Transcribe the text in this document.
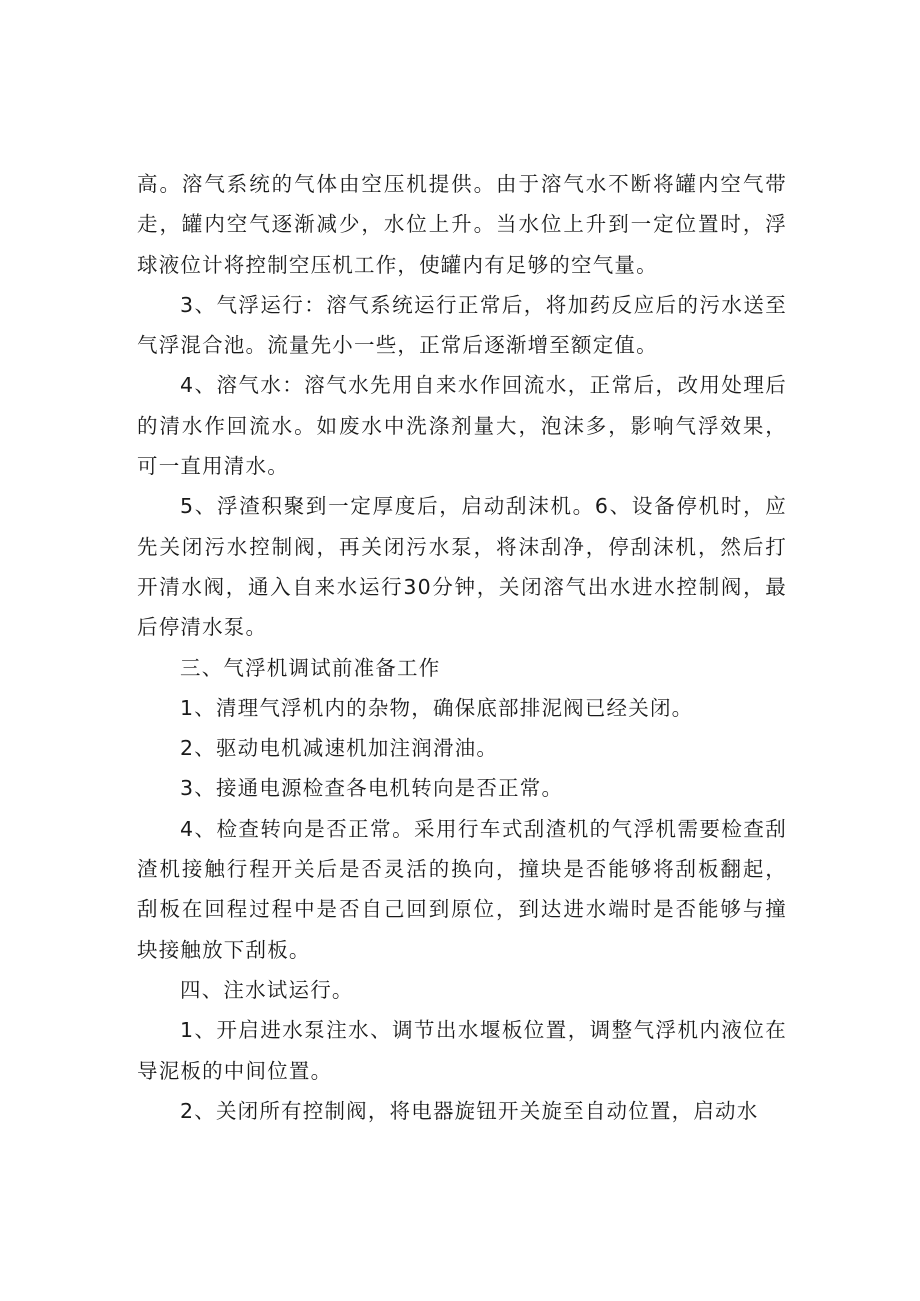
高。溶气系统的气体由空压机提供。由于溶气水不断将罐内空气带走，罐内空气逐渐减少，水位上升。当水位上升到一定位置时，浮球液位计将控制空压机工作，使罐内有足够的空气量。

3、气浮运行：溶气系统运行正常后，将加药反应后的污水送至气浮混合池。流量先小一些，正常后逐渐增至额定值。

4、溶气水：溶气水先用自来水作回流水，正常后，改用处理后的清水作回流水。如废水中洗涤剂量大，泡沫多，影响气浮效果，可一直用清水。

5、浮渣积聚到一定厚度后，启动刮沫机。6、设备停机时，应先关闭污水控制阀，再关闭污水泵，将沫刮净，停刮沫机，然后打开清水阀，通入自来水运行30分钟，关闭溶气出水进水控制阀，最后停清水泵。

三、气浮机调试前准备工作

1、清理气浮机内的杂物，确保底部排泥阀已经关闭。

2、驱动电机减速机加注润滑油。

3、接通电源检查各电机转向是否正常。

4、检查转向是否正常。采用行车式刮渣机的气浮机需要检查刮渣机接触行程开关后是否灵活的换向，撞块是否能够将刮板翻起，刮板在回程过程中是否自己回到原位，到达进水端时是否能够与撞块接触放下刮板。

四、注水试运行。

1、开启进水泵注水、调节出水堰板位置，调整气浮机内液位在导泥板的中间位置。

2、关闭所有控制阀，将电器旋钮开关旋至自动位置，启动水
